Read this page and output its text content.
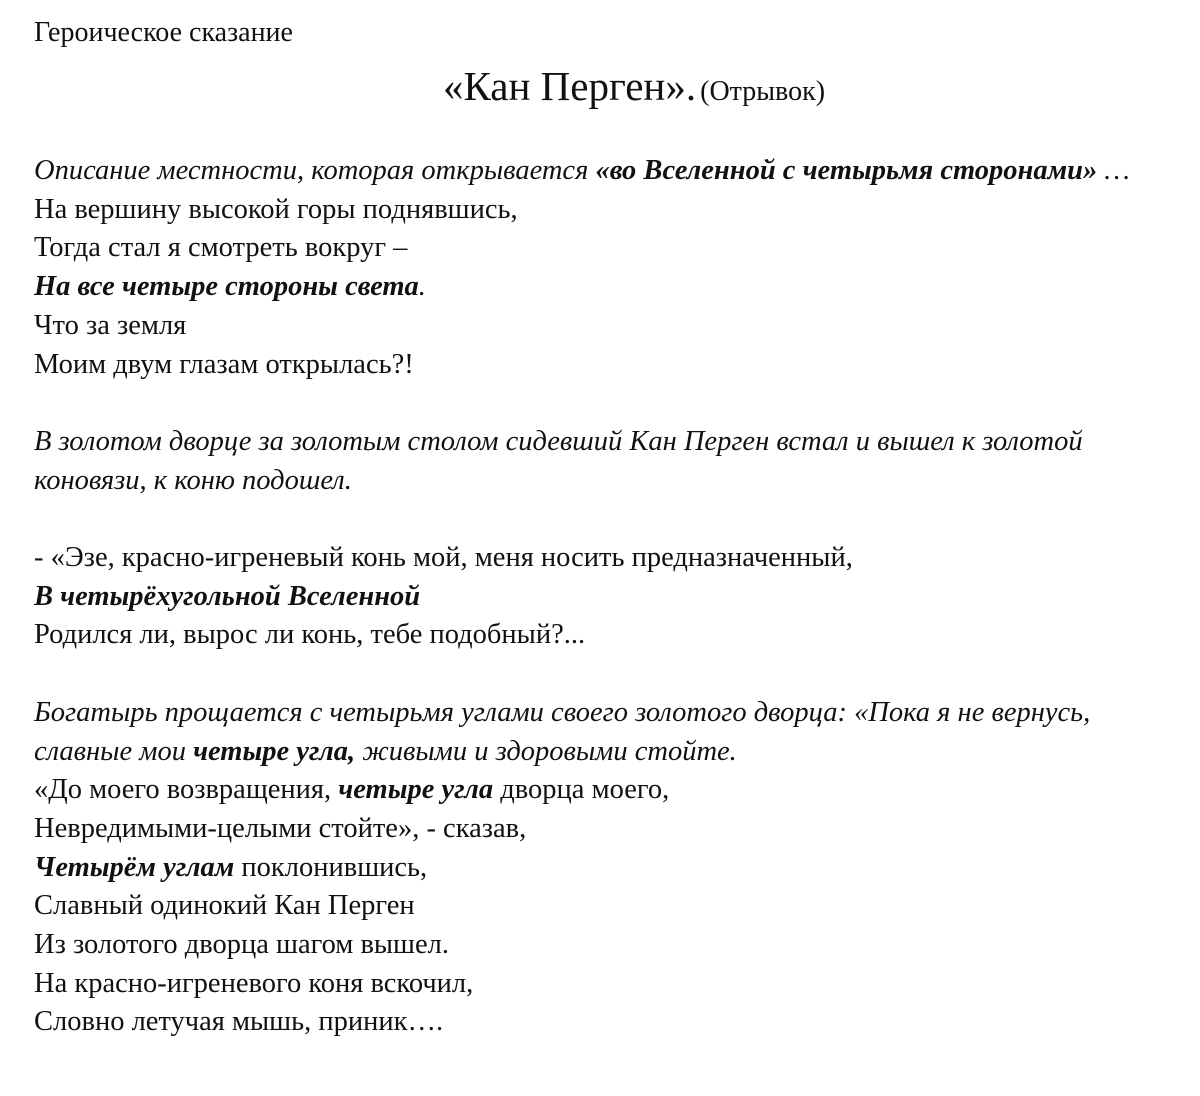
Героическое сказание

«Кан Перген». (Отрывок)

Описание местности, которая открывается «во Вселенной с четырьмя сторонами» …

На вершину высокой горы поднявшись,

Тогда стал я смотреть вокруг –

На все четыре стороны света.

Что за земля

Моим двум глазам открылась?!

В золотом дворце за золотым столом сидевший Кан Перген встал и вышел к золотой коновязи, к коню подошел.

- «Эзе, красно-игреневый конь мой, меня носить предназначенный,

В четырёхугольной Вселенной

Родился ли, вырос ли конь, тебе подобный?...

Богатырь прощается с четырьмя углами своего золотого дворца: «Пока я не вернусь, славные мои четыре угла, живыми и здоровыми стойте.

«До моего возвращения, четыре угла дворца моего,

Невредимыми-целыми стойте», - сказав,

Четырём углам поклонившись,

Славный одинокий Кан Перген

Из золотого дворца шагом вышел.

На красно-игреневого коня вскочил,

Словно летучая мышь, приник….
